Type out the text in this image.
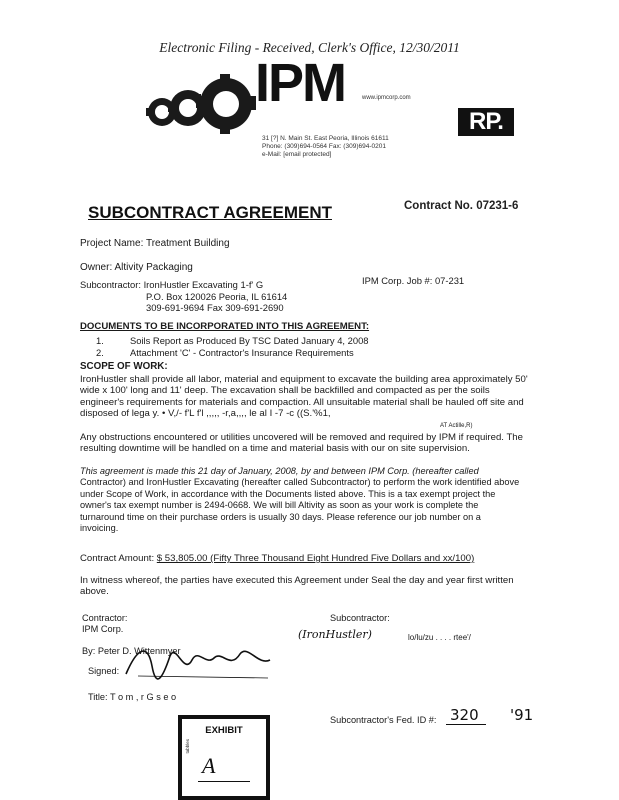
Electronic Filing - Received, Clerk's Office, 12/30/2011
IPM	www.ipmcorp.com
RP.
31 [?] N. Main St. East Peoria, Illinois 61611
Phone: (309)694-0564 Fax: (309)694-0201
e-Mail: [email protected]
SUBCONTRACT AGREEMENT	Contract No. 07231-6
Project Name: Treatment Building
Owner: Altivity Packaging
Subcontractor: IronHustler Excavating 1-f' G
P.O. Box 120026 Peoria, IL 61614
309-691-9694 Fax 309-691-2690
IPM Corp. Job #: 07-231
DOCUMENTS TO BE INCORPORATED INTO THIS AGREEMENT:
1.	Soils Report as Produced By TSC Dated January 4, 2008
2.	Attachment 'C' - Contractor's Insurance Requirements
SCOPE OF WORK:
IronHustler shall provide all labor, material and equipment to excavate the building area approximately 50'
wide x 100' long and 11' deep. The excavation shall be backfilled and compacted as per the soils
engineer's requirements for materials and compaction. All unsuitable material shall be hauled off site and
disposed of lega y. • V,/- f'L f'l ,,,,, -r,a,,,, le al I -7 -c ((S.'%1,
AT Actille,R)
Any obstructions encountered or utilities uncovered will be removed and required by IPM if required. The
resulting downtime will be handled on a time and material basis with our on site supervision.
This agreement is made this 21 day of January, 2008, by and between IPM Corp. (hereafter called
Contractor) and IronHustler Excavating (hereafter called Subcontractor) to perform the work identified above
under Scope of Work, in accordance with the Documents listed above. This is a tax exempt project the
owner's tax exempt number is 2494-0668. We will bill Altivity as soon as your work is complete the
turnaround time on their purchase orders is usually 30 days. Please reference our job number on a
invoicing.
Contract Amount: $ 53,805.00 (Fifty Three Thousand Eight Hundred Five Dollars and xx/100)
In witness whereof, the parties have executed this Agreement under Seal the day and year first written
above.
Contractor:
IPM Corp.
By: Peter D. Wittenmyer
Signed:
Title: T o m , r G s e o
Subcontractor:
(IronHustler)	lo/lu/zu . . . . rtee'/
Subcontractor's Fed. ID #: 320 '91
EXHIBIT
tabbles
A
